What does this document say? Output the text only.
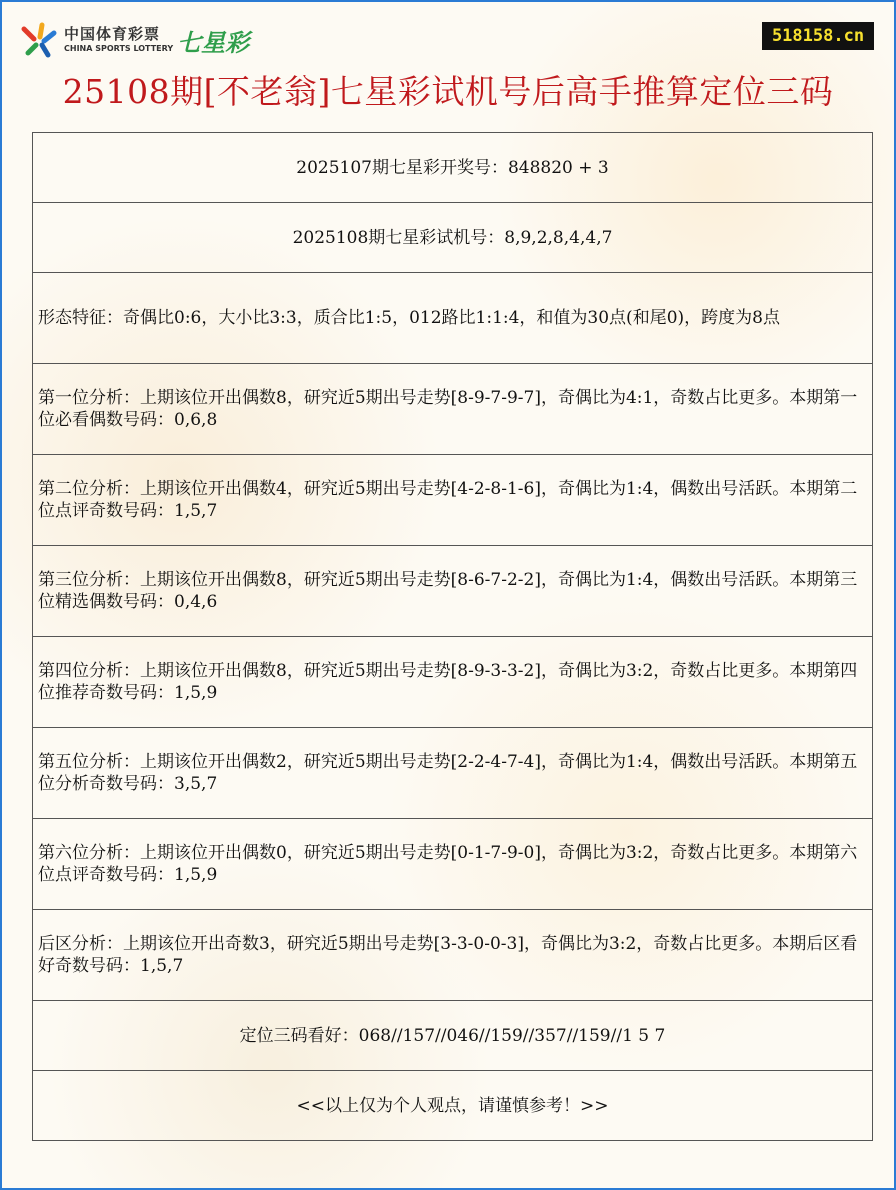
中国体育彩票
CHINA SPORTS LOTTERY 七星彩	518158.cn
25108期[不老翁]七星彩试机号后高手推算定位三码
2025107期七星彩开奖号：848820 + 3
2025108期七星彩试机号：8,9,2,8,4,4,7
形态特征：奇偶比0:6，大小比3:3，质合比1:5，012路比1:1:4，和值为30点(和尾0)，跨度为8点
第一位分析：上期该位开出偶数8，研究近5期出号走势[8-9-7-9-7]，奇偶比为4:1，奇数占比更多。本期第一位必看偶数号码：0,6,8
第二位分析：上期该位开出偶数4，研究近5期出号走势[4-2-8-1-6]，奇偶比为1:4，偶数出号活跃。本期第二位点评奇数号码：1,5,7
第三位分析：上期该位开出偶数8，研究近5期出号走势[8-6-7-2-2]，奇偶比为1:4，偶数出号活跃。本期第三位精选偶数号码：0,4,6
第四位分析：上期该位开出偶数8，研究近5期出号走势[8-9-3-3-2]，奇偶比为3:2，奇数占比更多。本期第四位推荐奇数号码：1,5,9
第五位分析：上期该位开出偶数2，研究近5期出号走势[2-2-4-7-4]，奇偶比为1:4，偶数出号活跃。本期第五位分析奇数号码：3,5,7
第六位分析：上期该位开出偶数0，研究近5期出号走势[0-1-7-9-0]，奇偶比为3:2，奇数占比更多。本期第六位点评奇数号码：1,5,9
后区分析：上期该位开出奇数3，研究近5期出号走势[3-3-0-0-3]，奇偶比为3:2，奇数占比更多。本期后区看好奇数号码：1,5,7
定位三码看好：068//157//046//159//357//159//1 5 7
<<以上仅为个人观点，请谨慎参考！>>
